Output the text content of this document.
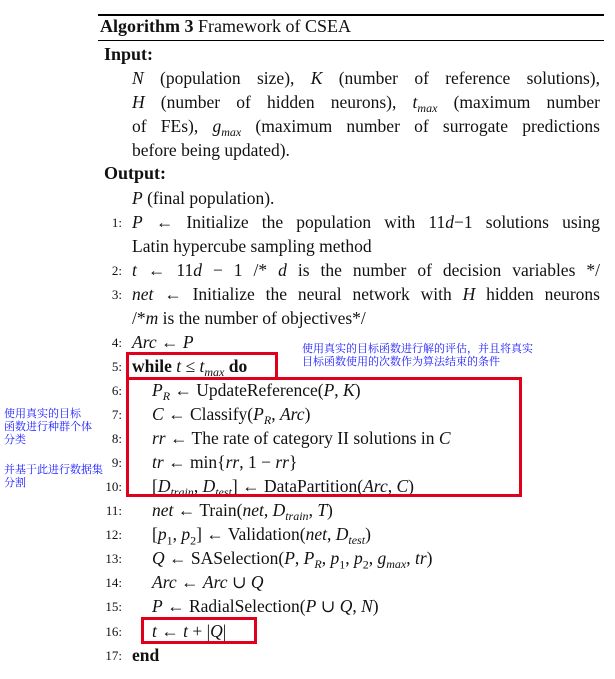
Algorithm 3 Framework of CSEA
Input:
N (population size), K (number of reference solutions),
H (number of hidden neurons), $t_{max}$ (maximum number
of FEs), $g_{max}$ (maximum number of surrogate predictions
before being updated).
Output:
P (final population).
1: P ← Initialize the population with 11d−1 solutions using
Latin hypercube sampling method
2: t ← 11d − 1 /* d is the number of decision variables */
3: net ← Initialize the neural network with H hidden neurons
/*m is the number of objectives*/
4: Arc ← P
5: while $t \le t_{max}$ do
6: $P_R$ ← UpdateReference(P, K)
7: C ← $Classify(P_R$, Arc)
8: rr ← The rate of category II solutions in C
9: tr ← min{rr, 1 − rr}
10: [$D_{train}$, $D_{test}$] ← DataPartition(Arc, C)
11: net ← Train(net, $D_{train}$, T)
12: [$p_1$, $p_2$] ← Validation(net, $D_{test}$)
13: Q ← SASelection(P, $P_R$, $p_1$, $p_2$, $g_{max}$, tr)
14: Arc ← Arc ∪ Q
15: P ← RadialSelection(P ∪ Q, N)
16: t ← t + |Q|
17: end
使用真实的目标函数进行解的评估，并且将真实
目标函数使用的次数作为算法结束的条件
使用真实的目标
函数进行种群个体
分类
并基于此进行数据集
分割
